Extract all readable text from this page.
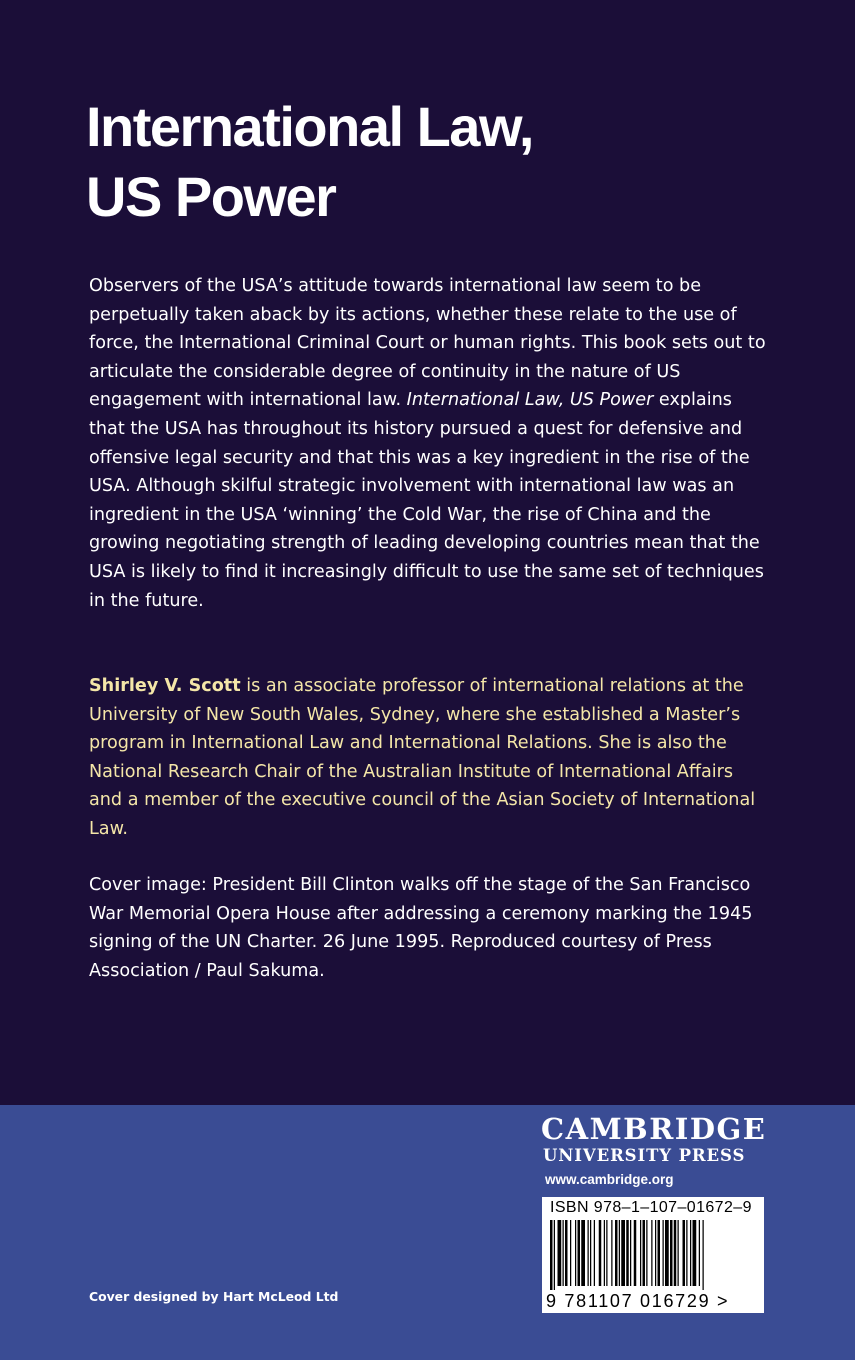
International Law,
US Power

Observers of the USA’s attitude towards international law seem to be perpetually taken aback by its actions, whether these relate to the use of force, the International Criminal Court or human rights. This book sets out to articulate the considerable degree of continuity in the nature of US engagement with international law. International Law, US Power explains that the USA has throughout its history pursued a quest for defensive and offensive legal security and that this was a key ingredient in the rise of the USA. Although skilful strategic involvement with international law was an ingredient in the USA ‘winning’ the Cold War, the rise of China and the growing negotiating strength of leading developing countries mean that the USA is likely to find it increasingly difficult to use the same set of techniques in the future.

Shirley V. Scott is an associate professor of international relations at the University of New South Wales, Sydney, where she established a Master’s program in International Law and International Relations. She is also the National Research Chair of the Australian Institute of International Affairs and a member of the executive council of the Asian Society of International Law.

Cover image: President Bill Clinton walks off the stage of the San Francisco War Memorial Opera House after addressing a ceremony marking the 1945 signing of the UN Charter. 26 June 1995. Reproduced courtesy of Press Association / Paul Sakuma.

CAMBRIDGE
UNIVERSITY PRESS
www.cambridge.org
ISBN 978–1–107–01672–9
9 781107 016729 >
Cover designed by Hart McLeod Ltd
